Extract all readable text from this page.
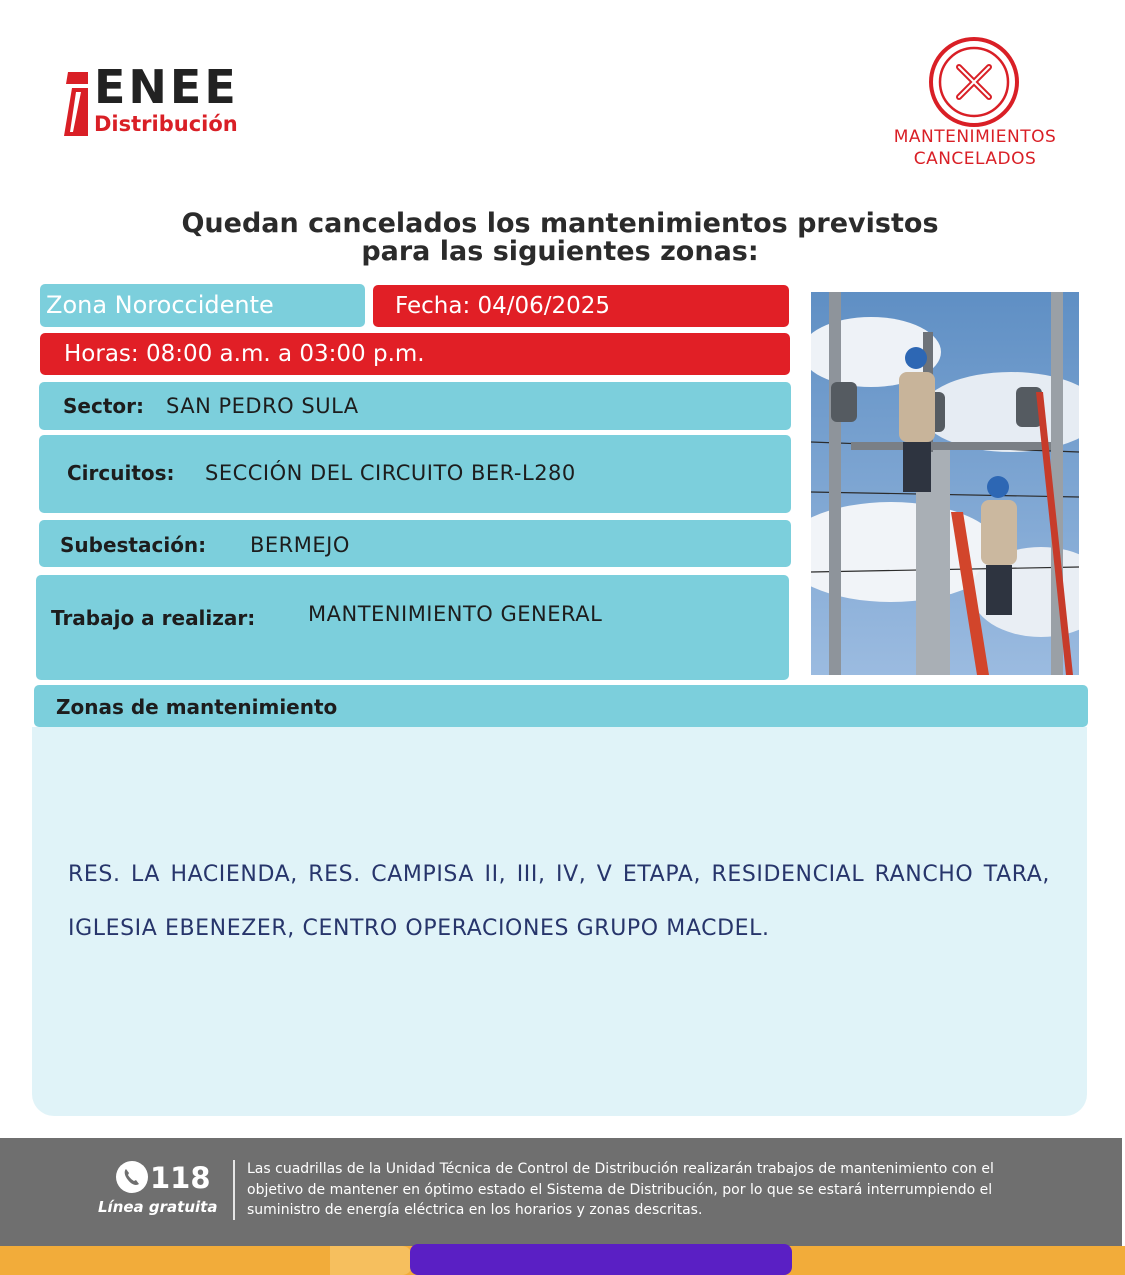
ENEE
Distribución
MANTENIMIENTOS
CANCELADOS
Quedan cancelados los mantenimientos previstos
para las siguientes zonas:
Zona Noroccidente	Fecha: 04/06/2025
Horas: 08:00 a.m. a 03:00 p.m.
Sector: SAN PEDRO SULA
Circuitos: SECCIÓN DEL CIRCUITO BER-L280
Subestación: BERMEJO
Trabajo a realizar:	MANTENIMIENTO GENERAL
Zonas de mantenimiento
RES. LA HACIENDA, RES. CAMPISA II, III, IV, V ETAPA, RESIDENCIAL RANCHO TARA, IGLESIA EBENEZER, CENTRO OPERACIONES GRUPO MACDEL.
118
Línea gratuita
Las cuadrillas de la Unidad Técnica de Control de Distribución realizarán trabajos de mantenimiento con el objetivo de mantener en óptimo estado el Sistema de Distribución, por lo que se estará interrumpiendo el suministro de energía eléctrica en los horarios y zonas descritas.
